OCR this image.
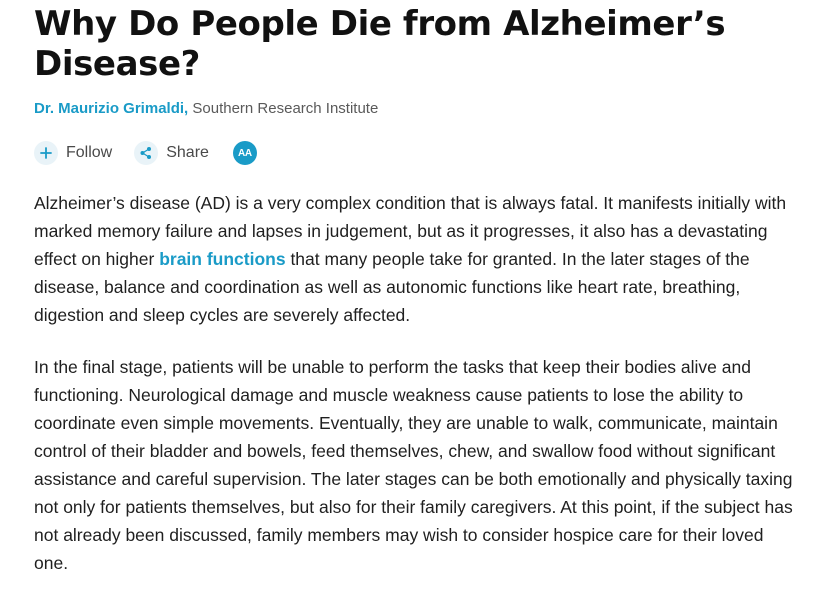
Why Do People Die from Alzheimer’s Disease?
Dr. Maurizio Grimaldi, Southern Research Institute
Follow	Share	AA

Alzheimer’s disease (AD) is a very complex condition that is always fatal. It manifests initially with marked memory failure and lapses in judgement, but as it progresses, it also has a devastating effect on higher brain functions that many people take for granted. In the later stages of the disease, balance and coordination as well as autonomic functions like heart rate, breathing, digestion and sleep cycles are severely affected.

In the final stage, patients will be unable to perform the tasks that keep their bodies alive and functioning. Neurological damage and muscle weakness cause patients to lose the ability to coordinate even simple movements. Eventually, they are unable to walk, communicate, maintain control of their bladder and bowels, feed themselves, chew, and swallow food without significant assistance and careful supervision. The later stages can be both emotionally and physically taxing not only for patients themselves, but also for their family caregivers. At this point, if the subject has not already been discussed, family members may wish to consider hospice care for their loved one.
